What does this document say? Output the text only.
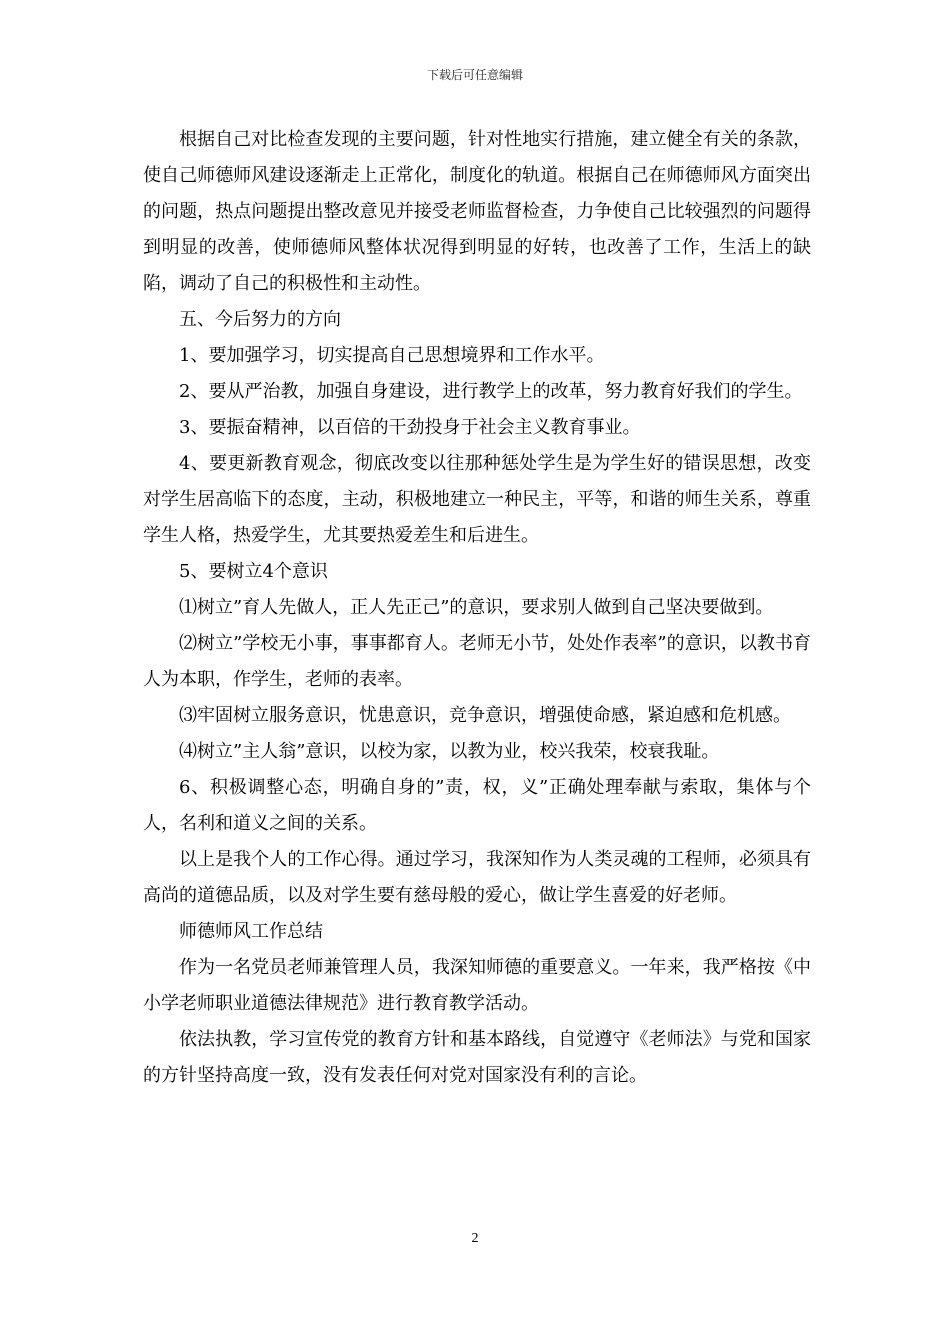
下载后可任意编辑

根据自己对比检查发现的主要问题，针对性地实行措施，建立健全有关的条款，使自己师德师风建设逐渐走上正常化，制度化的轨道。根据自己在师德师风方面突出的问题，热点问题提出整改意见并接受老师监督检查，力争使自己比较强烈的问题得到明显的改善，使师德师风整体状况得到明显的好转，也改善了工作，生活上的缺陷，调动了自己的积极性和主动性。

五、今后努力的方向

1、要加强学习，切实提高自己思想境界和工作水平。

2、要从严治教，加强自身建设，进行教学上的改革，努力教育好我们的学生。

3、要振奋精神，以百倍的干劲投身于社会主义教育事业。

4、要更新教育观念，彻底改变以往那种惩处学生是为学生好的错误思想，改变对学生居高临下的态度，主动，积极地建立一种民主，平等，和谐的师生关系，尊重学生人格，热爱学生，尤其要热爱差生和后进生。

5、要树立4个意识

⑴树立”育人先做人，正人先正己”的意识，要求别人做到自己坚决要做到。

⑵树立”学校无小事，事事都育人。老师无小节，处处作表率”的意识，以教书育人为本职，作学生，老师的表率。

⑶牢固树立服务意识，忧患意识，竞争意识，增强使命感，紧迫感和危机感。

⑷树立”主人翁”意识，以校为家，以教为业，校兴我荣，校衰我耻。

6、积极调整心态，明确自身的”责，权，义”正确处理奉献与索取，集体与个人，名利和道义之间的关系。

以上是我个人的工作心得。通过学习，我深知作为人类灵魂的工程师，必须具有高尚的道德品质，以及对学生要有慈母般的爱心，做让学生喜爱的好老师。

师德师风工作总结

作为一名党员老师兼管理人员，我深知师德的重要意义。一年来，我严格按《中小学老师职业道德法律规范》进行教育教学活动。

依法执教，学习宣传党的教育方针和基本路线，自觉遵守《老师法》与党和国家的方针坚持高度一致，没有发表任何对党对国家没有利的言论。

2
